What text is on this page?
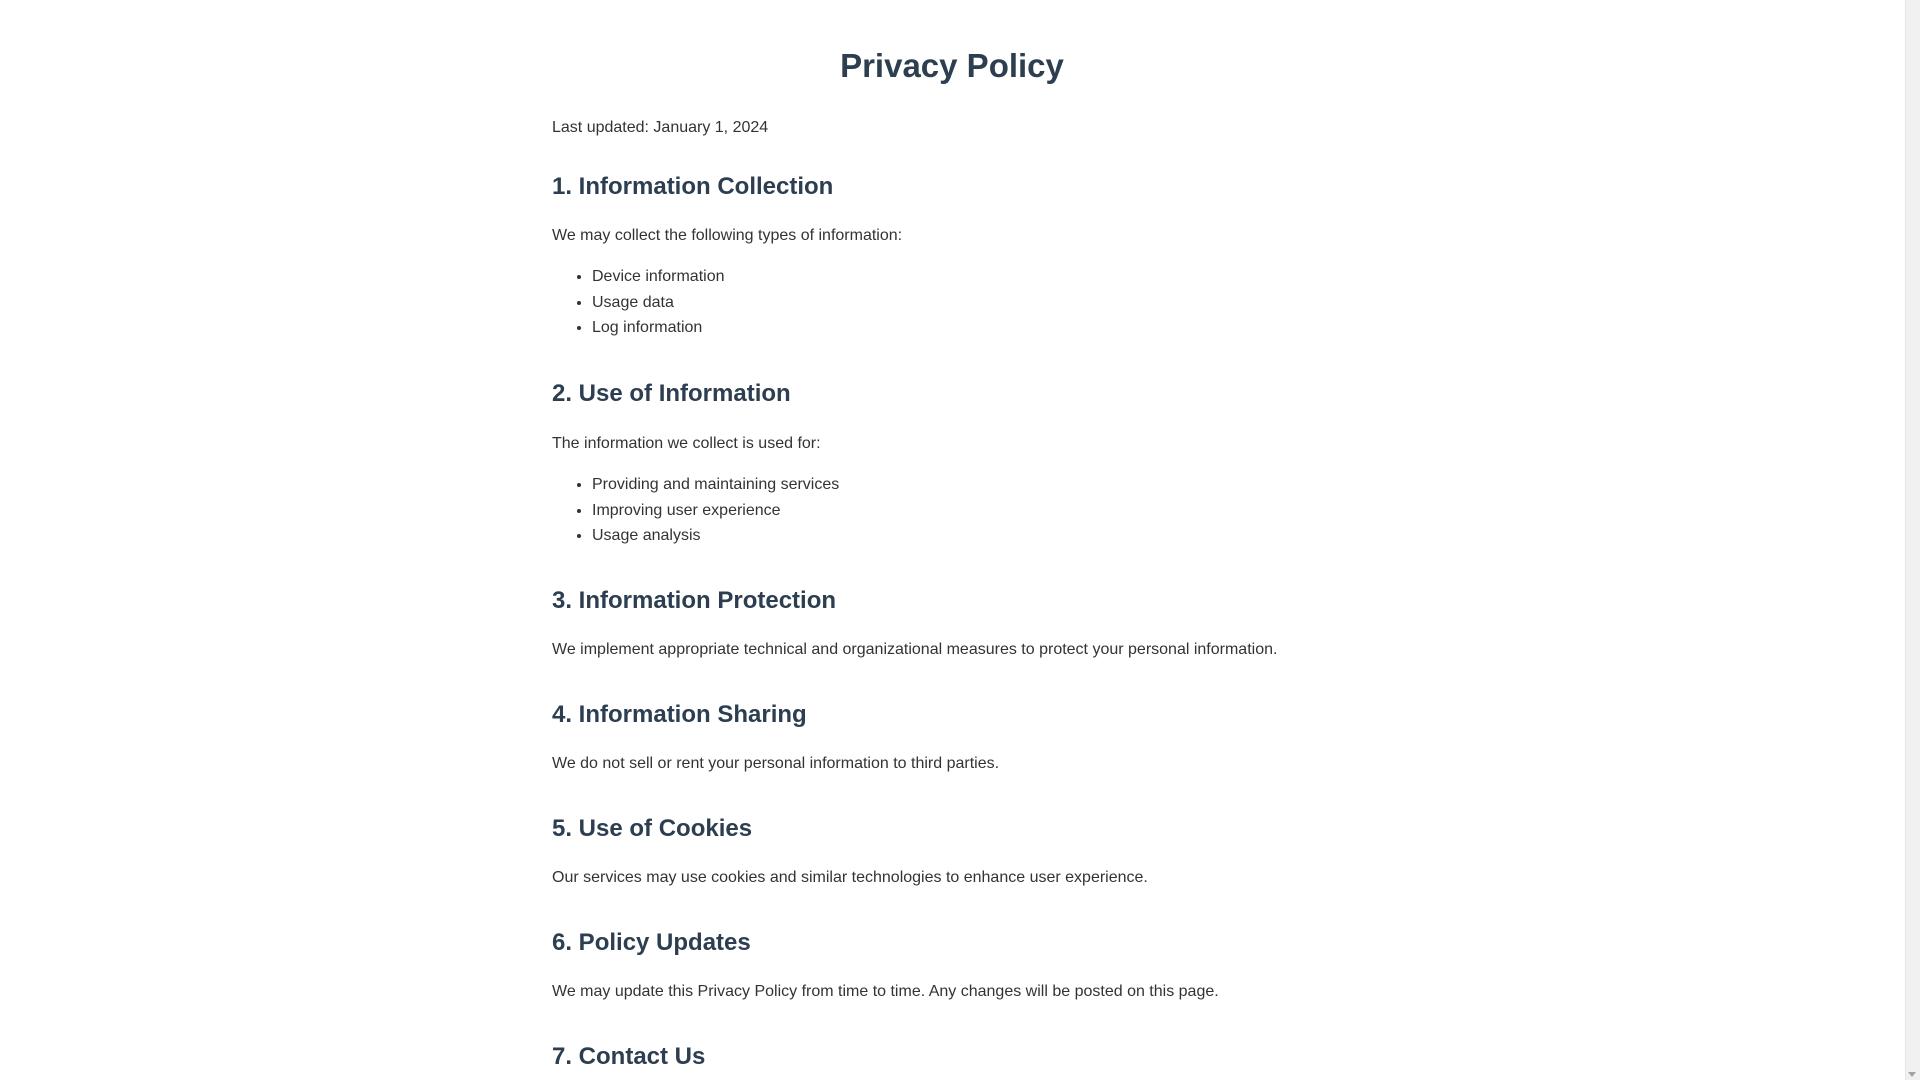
Privacy Policy

Last updated: January 1, 2024

1. Information Collection

We may collect the following types of information:

• Device information
• Usage data
• Log information
2. Use of Information

The information we collect is used for:

• Providing and maintaining services
• Improving user experience
• Usage analysis
3. Information Protection

We implement appropriate technical and organizational measures to protect your personal information.

4. Information Sharing

We do not sell or rent your personal information to third parties.

5. Use of Cookies

Our services may use cookies and similar technologies to enhance user experience.

6. Policy Updates

We may update this Privacy Policy from time to time. Any changes will be posted on this page.

7. Contact Us
